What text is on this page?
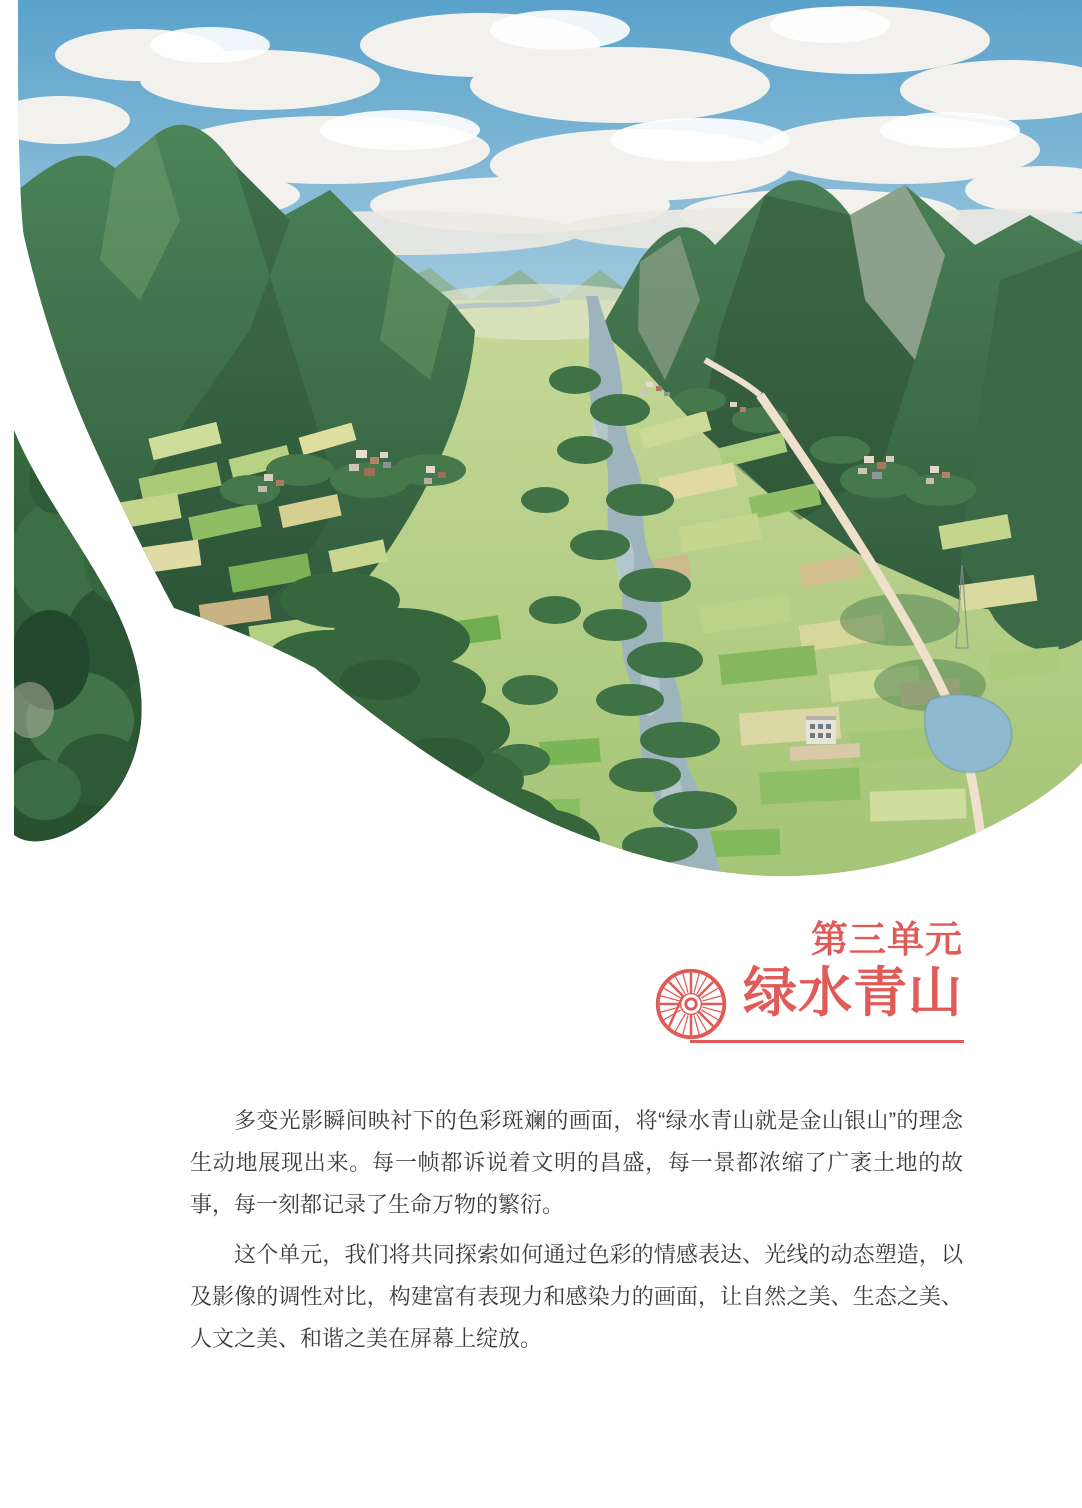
第三单元
绿水青山

多变光影瞬间映衬下的色彩斑斓的画面，将“绿水青山就是金山银山”的理念生动地展现出来。每一帧都诉说着文明的昌盛，每一景都浓缩了广袤土地的故事，每一刻都记录了生命万物的繁衍。

这个单元，我们将共同探索如何通过色彩的情感表达、光线的动态塑造，以及影像的调性对比，构建富有表现力和感染力的画面，让自然之美、生态之美、人文之美、和谐之美在屏幕上绽放。
